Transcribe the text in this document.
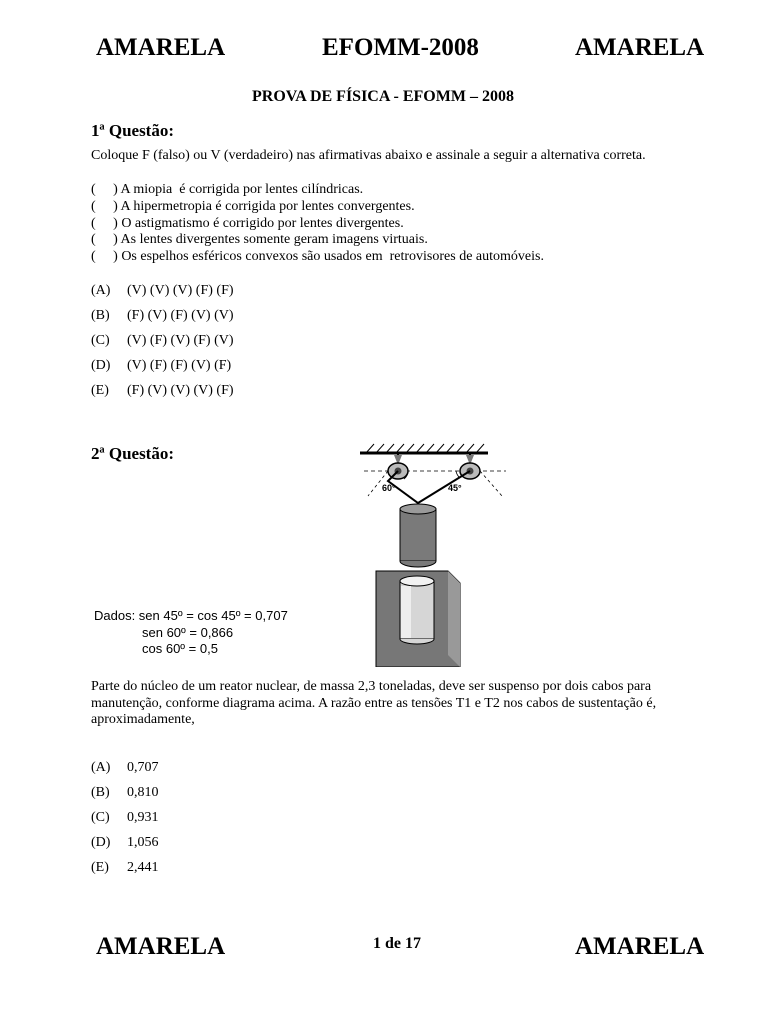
AMARELA	EFOMM-2008	AMARELA
PROVA DE FÍSICA - EFOMM – 2008
1ª Questão:
Coloque F (falso) ou V (verdadeiro) nas afirmativas abaixo e assinale a seguir a alternativa correta.
(     ) A miopia  é corrigida por lentes cilíndricas.
(     ) A hipermetropia é corrigida por lentes convergentes.
(     ) O astigmatismo é corrigido por lentes divergentes.
(     ) As lentes divergentes somente geram imagens virtuais.
(     ) Os espelhos esféricos convexos são usados em  retrovisores de automóveis.
(A) (V) (V) (V) (F) (F)
(B) (F) (V) (F) (V) (V)
(C) (V) (F) (V) (F) (V)
(D) (V) (F) (F) (V) (F)
(E) (F) (V) (V) (V) (F)
2ª Questão:
60°	45°
Dados: sen 45º = cos 45º = 0,707
sen 60º = 0,866
cos 60º = 0,5
Parte do núcleo de um reator nuclear, de massa 2,3 toneladas, deve ser suspenso por dois cabos para manutenção, conforme diagrama acima. A razão entre as tensões T1 e T2 nos cabos de sustentação é, aproximadamente,
(A) 0,707
(B) 0,810
(C) 0,931
(D) 1,056
(E) 2,441
AMARELA	1 de 17	AMARELA
